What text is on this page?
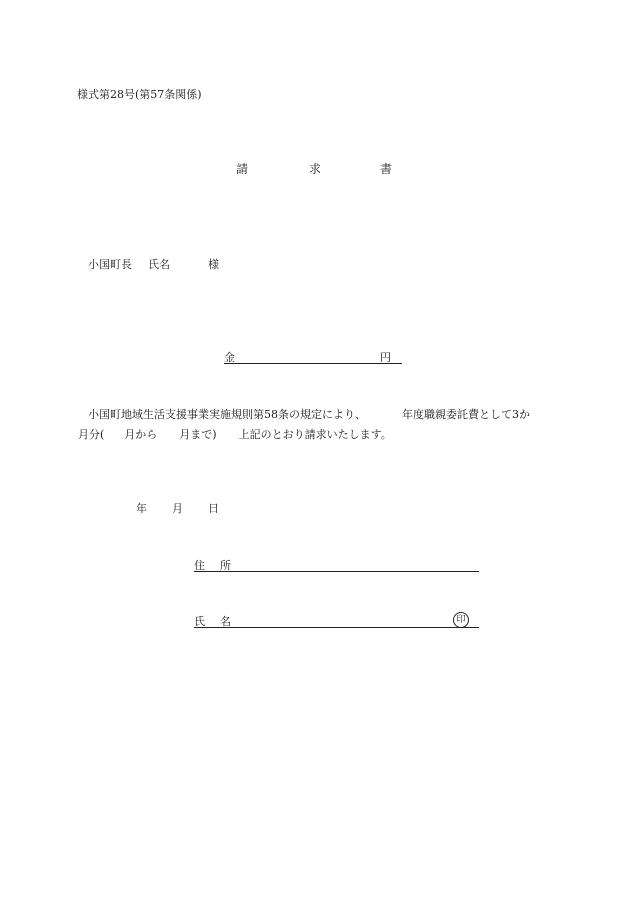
様式第28号(第57条関係)
請	求	書
小国町長 氏名	様
金	円
小国町地域生活支援事業実施規則第58条の規定により、	年度職親委託費として3か
月分( 月から 月まで) 上記のとおり請求いたします。
年 月 日
住 所
氏 名	印
